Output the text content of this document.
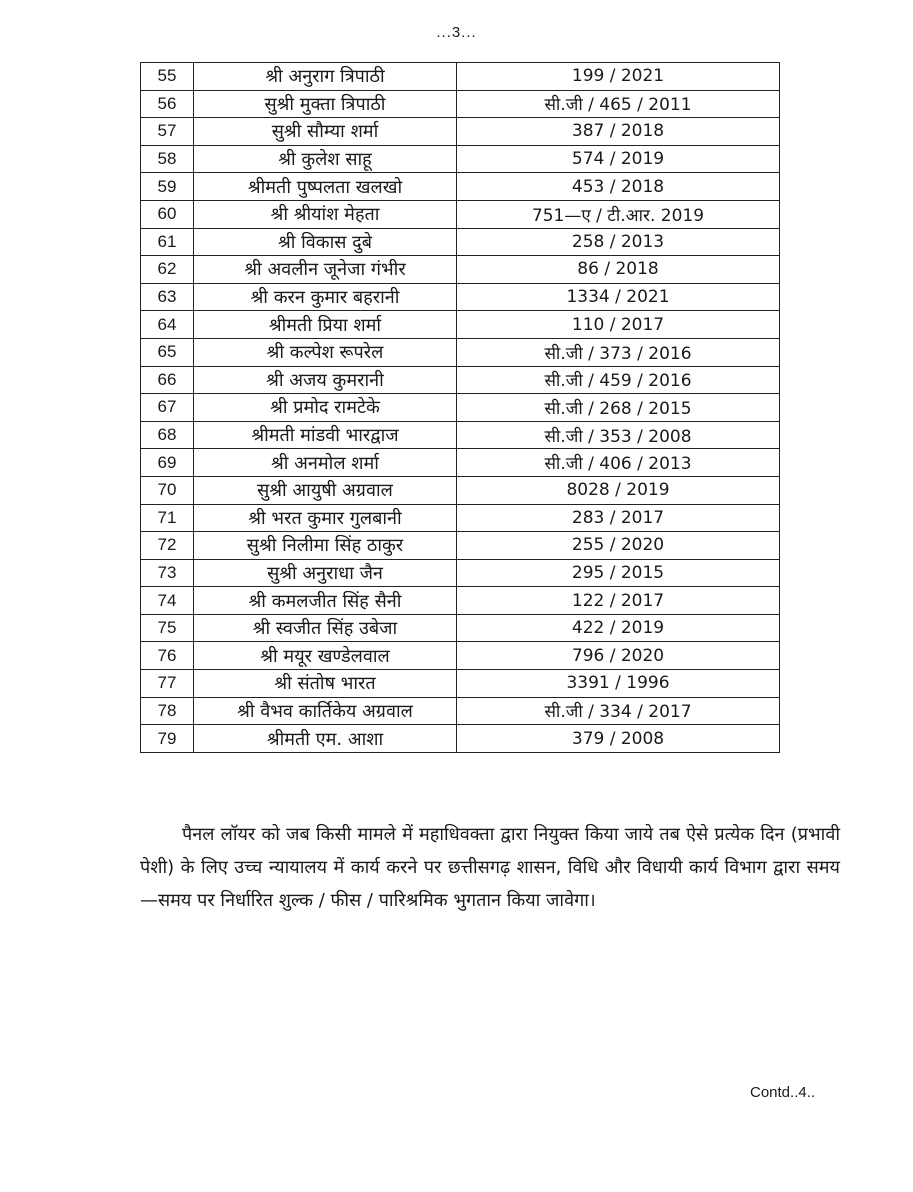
...3...
55	श्री अनुराग त्रिपाठी	199 / 2021
56	सुश्री मुक्ता त्रिपाठी	सी.जी / 465 / 2011
57	सुश्री सौम्या शर्मा	387 / 2018
58	श्री कुलेश साहू	574 / 2019
59	श्रीमती पुष्पलता खलखो	453 / 2018
60	श्री श्रीयांश मेहता	751—ए / टी.आर. 2019
61	श्री विकास दुबे	258 / 2013
62	श्री अवलीन जूनेजा गंभीर	86 / 2018
63	श्री करन कुमार बहरानी	1334 / 2021
64	श्रीमती प्रिया शर्मा	110 / 2017
65	श्री कल्पेश रूपरेल	सी.जी / 373 / 2016
66	श्री अजय कुमरानी	सी.जी / 459 / 2016
67	श्री प्रमोद रामटेके	सी.जी / 268 / 2015
68	श्रीमती मांडवी भारद्वाज	सी.जी / 353 / 2008
69	श्री अनमोल शर्मा	सी.जी / 406 / 2013
70	सुश्री आयुषी अग्रवाल	8028 / 2019
71	श्री भरत कुमार गुलबानी	283 / 2017
72	सुश्री निलीमा सिंह ठाकुर	255 / 2020
73	सुश्री अनुराधा जैन	295 / 2015
74	श्री कमलजीत सिंह सैनी	122 / 2017
75	श्री स्वजीत सिंह उबेजा	422 / 2019
76	श्री मयूर खण्डेलवाल	796 / 2020
77	श्री संतोष भारत	3391 / 1996
78	श्री वैभव कार्तिकेय अग्रवाल	सी.जी / 334 / 2017
79	श्रीमती एम. आशा	379 / 2008
पैनल लॉयर को जब किसी मामले में महाधिवक्ता द्वारा नियुक्त किया जाये तब ऐसे प्रत्येक दिन (प्रभावी पेशी) के लिए उच्च न्यायालय में कार्य करने पर छत्तीसगढ़ शासन, विधि और विधायी कार्य विभाग द्वारा समय—समय पर निर्धारित शुल्क / फीस / पारिश्रमिक भुगतान किया जावेगा।
Contd..4..
